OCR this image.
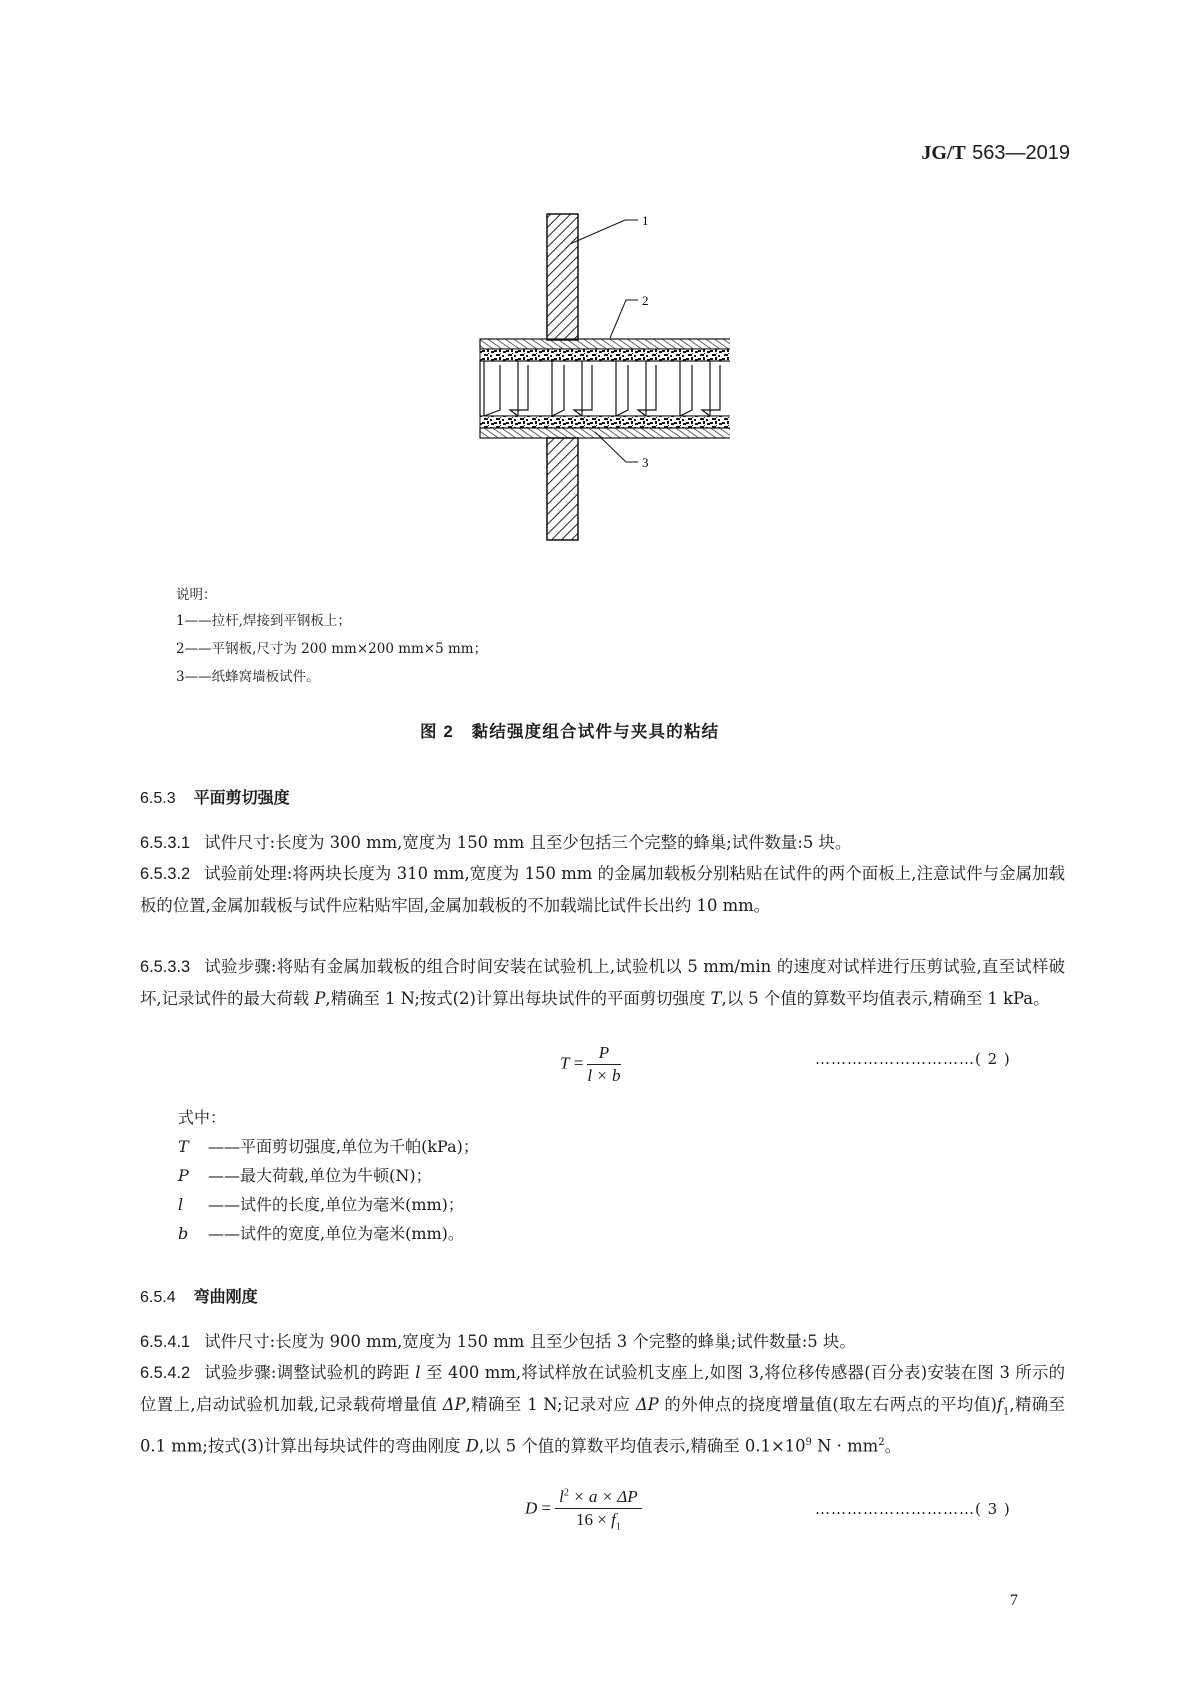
JG/T 563—2019
1
2
3
说明：
1——拉杆,焊接到平钢板上；
2——平钢板,尺寸为 200 mm×200 mm×5 mm；
3——纸蜂窝墙板试件。
图 2　黏结强度组合试件与夹具的粘结
6.5.3 平面剪切强度
6.5.3.1 试件尺寸:长度为 300 mm,宽度为 150 mm 且至少包括三个完整的蜂巢;试件数量:5 块。
6.5.3.2 试验前处理:将两块长度为 310 mm,宽度为 150 mm 的金属加载板分别粘贴在试件的两个面板上,注意试件与金属加载板的位置,金属加载板与试件应粘贴牢固,金属加载板的不加载端比试件长出约 10 mm。
6.5.3.3 试验步骤:将贴有金属加载板的组合时间安装在试验机上,试验机以 5 mm/min 的速度对试样进行压剪试验,直至试样破坏,记录试件的最大荷载 P,精确至 1 N;按式(2)计算出每块试件的平面剪切强度 T,以 5 个值的算数平均值表示,精确至 1 kPa。
$T = \frac{P}{l \times b}$	…………………………( 2 )
式中：
T ——平面剪切强度,单位为千帕(kPa)；
P ——最大荷载,单位为牛顿(N)；
l ——试件的长度,单位为毫米(mm)；
b ——试件的宽度,单位为毫米(mm)。
6.5.4 弯曲刚度
6.5.4.1 试件尺寸:长度为 900 mm,宽度为 150 mm 且至少包括 3 个完整的蜂巢;试件数量:5 块。
6.5.4.2 试验步骤:调整试验机的跨距 l 至 400 mm,将试样放在试验机支座上,如图 3,将位移传感器(百分表)安装在图 3 所示的位置上,启动试验机加载,记录载荷增量值 ΔP,精确至 1 N;记录对应 ΔP 的外伸点的挠度增量值(取左右两点的平均值)$f_1$,精确至 0.1 mm;按式(3)计算出每块试件的弯曲刚度 D,以 5 个值的算数平均值表示,精确至 $0.1\times 10^9$ $N \cdot mm^2$。
$D = \frac{l^2 \times a \times \Delta P}{16 \times f_1}$	…………………………( 3 )
7
